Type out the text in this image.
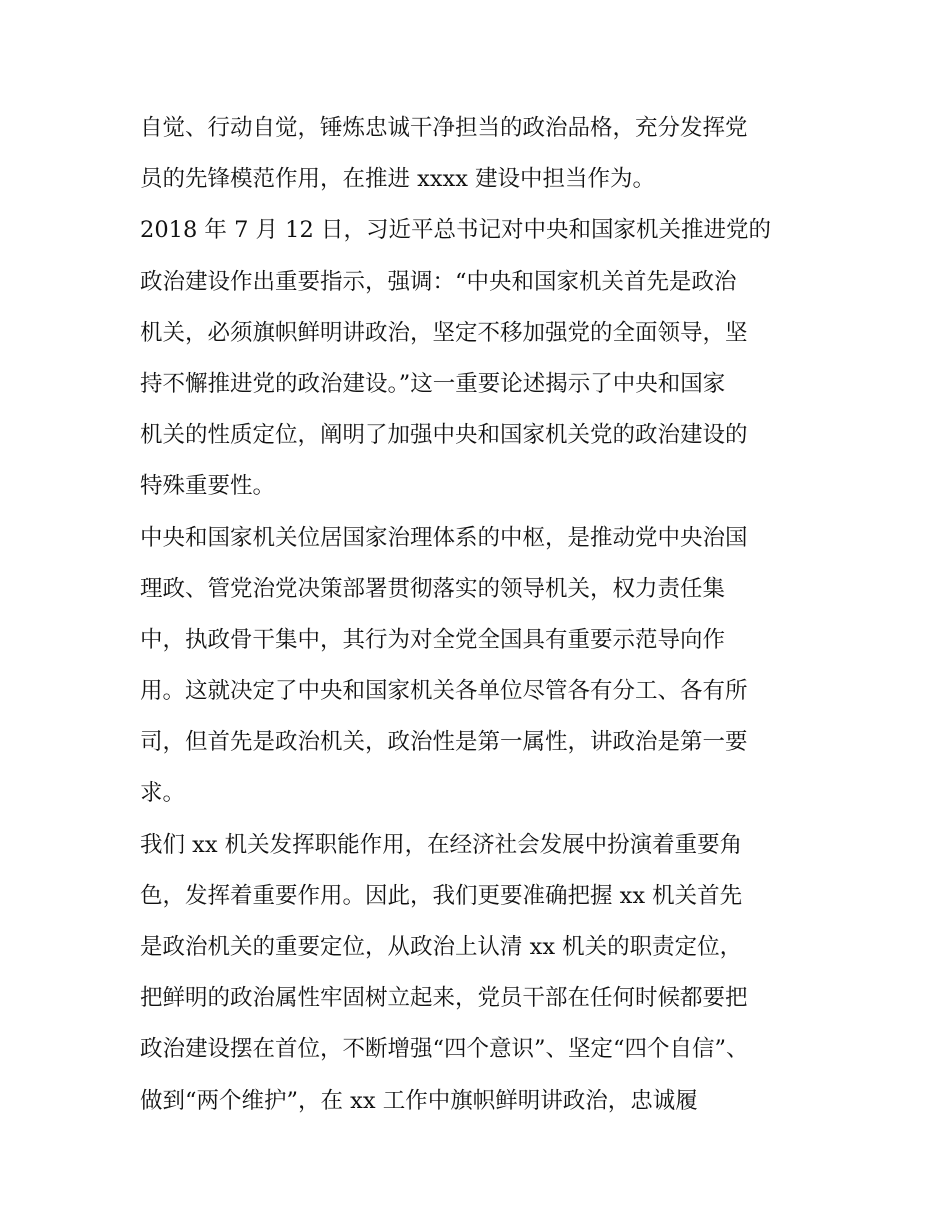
自觉、行动自觉，锤炼忠诚干净担当的政治品格，充分发挥党
员的先锋模范作用，在推进 xxxx 建设中担当作为。
2018 年 7 月 12 日，习近平总书记对中央和国家机关推进党的
政治建设作出重要指示，强调：“中央和国家机关首先是政治
机关，必须旗帜鲜明讲政治，坚定不移加强党的全面领导，坚
持不懈推进党的政治建设。”这一重要论述揭示了中央和国家
机关的性质定位，阐明了加强中央和国家机关党的政治建设的
特殊重要性。
中央和国家机关位居国家治理体系的中枢，是推动党中央治国
理政、管党治党决策部署贯彻落实的领导机关，权力责任集
中，执政骨干集中，其行为对全党全国具有重要示范导向作
用。这就决定了中央和国家机关各单位尽管各有分工、各有所
司，但首先是政治机关，政治性是第一属性，讲政治是第一要
求。
我们 xx 机关发挥职能作用，在经济社会发展中扮演着重要角
色，发挥着重要作用。因此，我们更要准确把握 xx 机关首先
是政治机关的重要定位，从政治上认清 xx 机关的职责定位，
把鲜明的政治属性牢固树立起来，党员干部在任何时候都要把
政治建设摆在首位，不断增强“四个意识”、坚定“四个自信”、
做到“两个维护”，在 xx 工作中旗帜鲜明讲政治，忠诚履
